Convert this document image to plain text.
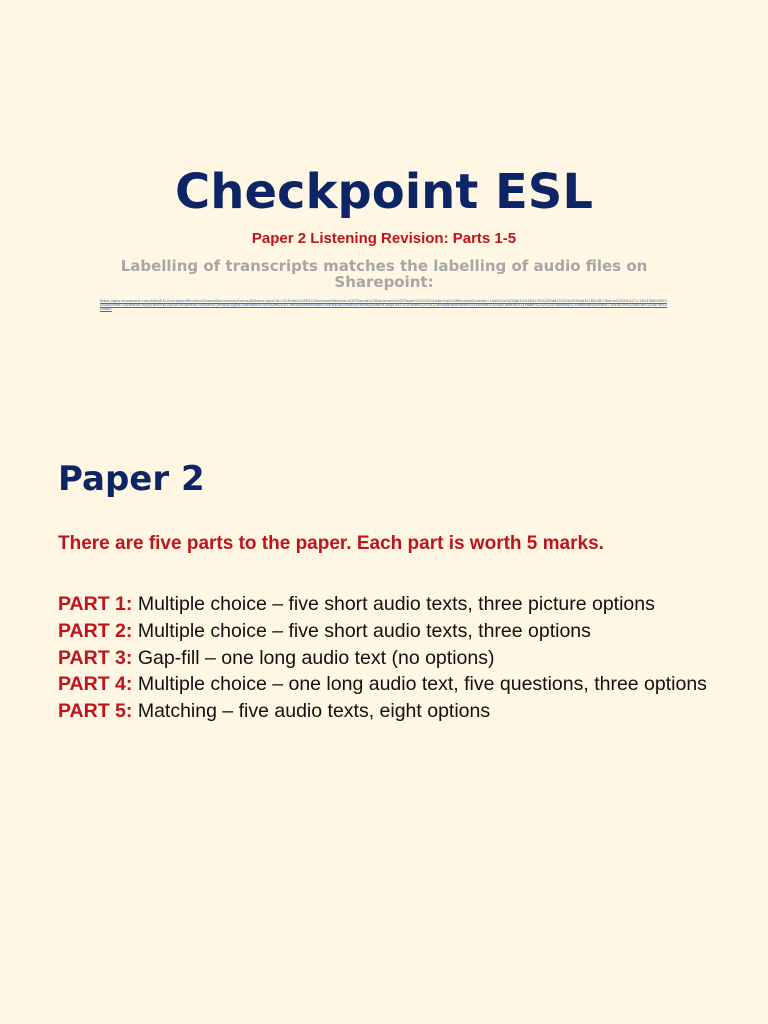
Checkpoint ESL
Paper 2 Listening Revision: Parts 1-5
Labelling of transcripts matches the labelling of audio files on Sharepoint:
https://glps.sharepoint.com/sites/ESLCheckpointRevision/SharedDocuments/Forms/AllItems.aspx?id=%2Fsites%2FESLCheckpointRevision%2FShared%20Documents%2FPaper%202%20Listening%20Revision&viewid=1a4f0c2e%2D8b3d%2D4c7e%2D9a61%2D5e2f7b0d3c18&OR=Teams%2DHL&CT=1615300000000&sourceId=&params=eyJBcHBOYW1lIjoiVGVhbXMtRGVza3RvcCJ9https://glps.sharepoint.com/sites/ESLCheckpointRevision/SharedDocuments/Forms/AllItems.aspx?id=%2Fsites%2FESLCheckpointRevision%2FShared%20Documents%2FPaper%202%20Listening%20Revision&viewid=1a4f0c2e%2D8b3d%2D4c7e%2D9a61
Paper 2
There are five parts to the paper. Each part is worth 5 marks.
PART 1: Multiple choice – five short audio texts, three picture options
PART 2: Multiple choice – five short audio texts, three options
PART 3: Gap-fill – one long audio text (no options)
PART 4: Multiple choice – one long audio text, five questions, three options
PART 5: Matching – five audio texts, eight options
